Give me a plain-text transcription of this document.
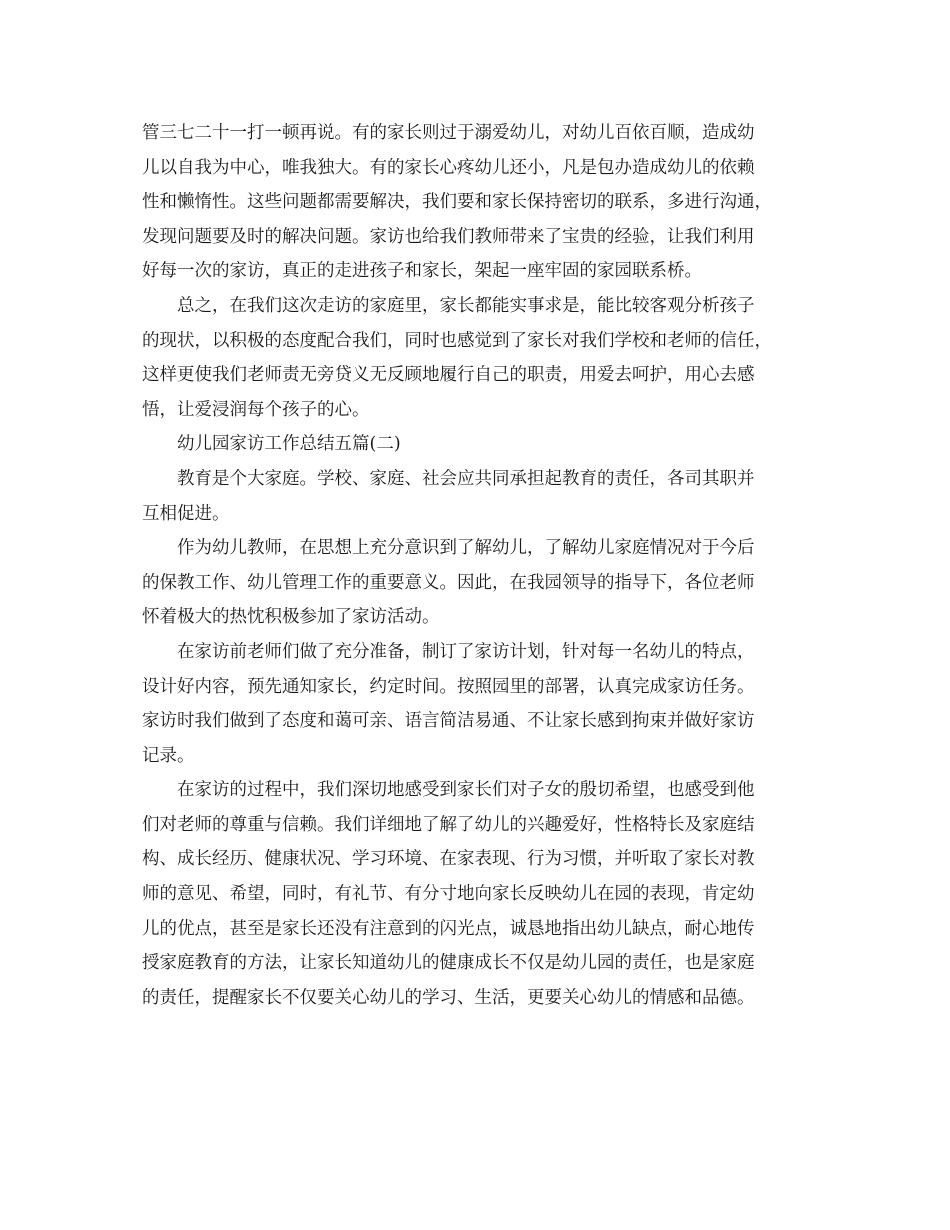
管三七二十一打一顿再说。有的家长则过于溺爱幼儿，对幼儿百依百顺，造成幼
儿以自我为中心，唯我独大。有的家长心疼幼儿还小，凡是包办造成幼儿的依赖
性和懒惰性。这些问题都需要解决，我们要和家长保持密切的联系，多进行沟通，
发现问题要及时的解决问题。家访也给我们教师带来了宝贵的经验，让我们利用
好每一次的家访，真正的走进孩子和家长，架起一座牢固的家园联系桥。

总之，在我们这次走访的家庭里，家长都能实事求是，能比较客观分析孩子
的现状，以积极的态度配合我们，同时也感觉到了家长对我们学校和老师的信任，
这样更使我们老师责无旁贷义无反顾地履行自己的职责，用爱去呵护，用心去感
悟，让爱浸润每个孩子的心。

幼儿园家访工作总结五篇(二)

教育是个大家庭。学校、家庭、社会应共同承担起教育的责任，各司其职并
互相促进。

作为幼儿教师，在思想上充分意识到了解幼儿，了解幼儿家庭情况对于今后
的保教工作、幼儿管理工作的重要意义。因此，在我园领导的指导下，各位老师
怀着极大的热忱积极参加了家访活动。

在家访前老师们做了充分准备，制订了家访计划，针对每一名幼儿的特点，
设计好内容，预先通知家长，约定时间。按照园里的部署，认真完成家访任务。
家访时我们做到了态度和蔼可亲、语言简洁易通、不让家长感到拘束并做好家访
记录。

在家访的过程中，我们深切地感受到家长们对子女的殷切希望，也感受到他
们对老师的尊重与信赖。我们详细地了解了幼儿的兴趣爱好，性格特长及家庭结
构、成长经历、健康状况、学习环境、在家表现、行为习惯，并听取了家长对教
师的意见、希望，同时，有礼节、有分寸地向家长反映幼儿在园的表现，肯定幼
儿的优点，甚至是家长还没有注意到的闪光点，诚恳地指出幼儿缺点，耐心地传
授家庭教育的方法，让家长知道幼儿的健康成长不仅是幼儿园的责任，也是家庭
的责任，提醒家长不仅要关心幼儿的学习、生活，更要关心幼儿的情感和品德。
